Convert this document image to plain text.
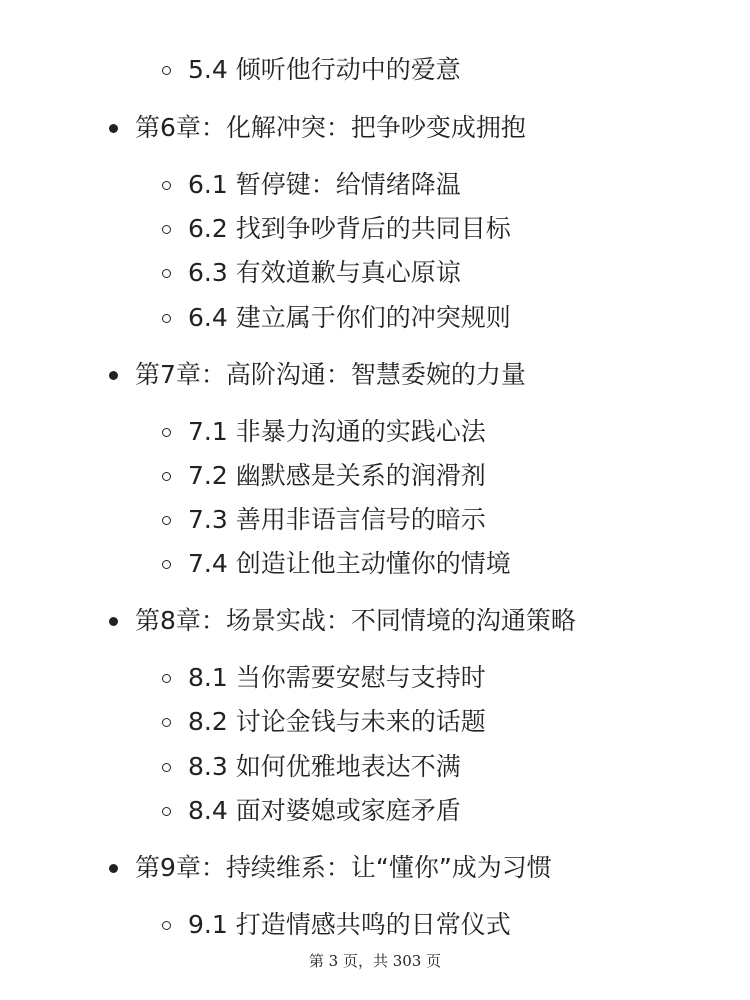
5.4 倾听他行动中的爱意
第6章：化解冲突：把争吵变成拥抱
6.1 暂停键：给情绪降温
6.2 找到争吵背后的共同目标
6.3 有效道歉与真心原谅
6.4 建立属于你们的冲突规则
第7章：高阶沟通：智慧委婉的力量
7.1 非暴力沟通的实践心法
7.2 幽默感是关系的润滑剂
7.3 善用非语言信号的暗示
7.4 创造让他主动懂你的情境
第8章：场景实战：不同情境的沟通策略
8.1 当你需要安慰与支持时
8.2 讨论金钱与未来的话题
8.3 如何优雅地表达不满
8.4 面对婆媳或家庭矛盾
第9章：持续维系：让“懂你”成为习惯
9.1 打造情感共鸣的日常仪式
第 3 页，共 303 页
